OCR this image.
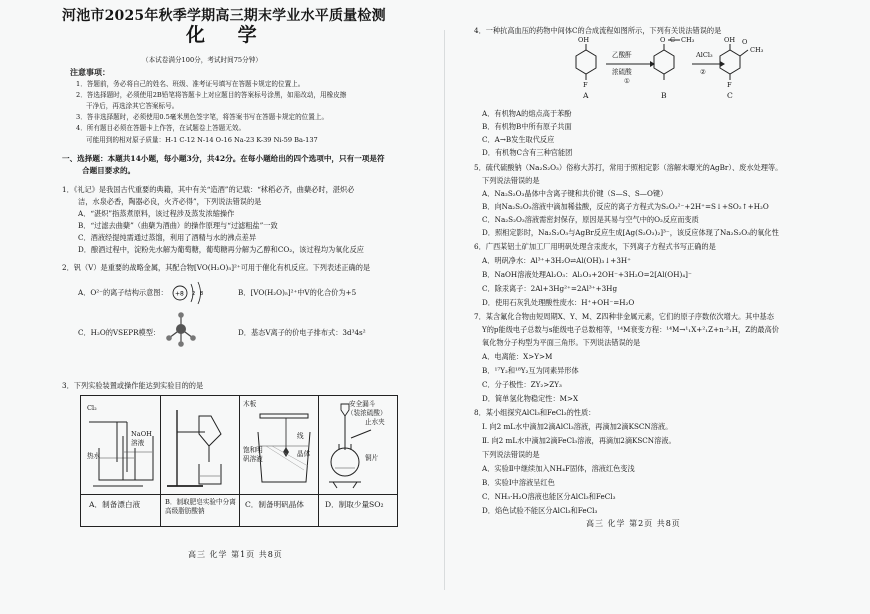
河池市2025年秋季学期高三期末学业水平质量检测
化 学
（本试卷满分100分，考试时间75分钟）
注意事项：
1．答题前，务必将自己的姓名、班级、准考证号填写在答题卡规定的位置上。
2．答选择题时，必须使用2B铅笔将答题卡上对应题目的答案标号涂黑，如需改动，用橡皮擦
干净后，再选涂其它答案标号。
3．答非选择题时，必须使用0.5毫米黑色签字笔，将答案书写在答题卡规定的位置上。
4．所有题目必须在答题卡上作答，在试题卷上答题无效。
可能用到的相对原子质量：H-1 C-12 N-14 O-16 Na-23 K-39 Ni-59 Ba-137
一、选择题：本题共14小题，每小题3分，共42分。在每小题给出的四个选项中，只有一项是符
合题目要求的。
1．《礼记》是我国古代重要的典籍，其中有关“造酒”的记载：“秫稻必齐，曲蘖必时，湛炽必
洁，水泉必香，陶器必良，火齐必得”，下列说法错误的是
A．“湛炽”指蒸煮原料，该过程涉及蒸发浓缩操作
B．“过滤去曲蘖”（曲蘖为酒曲）的操作原理与“过滤粗盐”一致
C．酒液经提纯需通过蒸馏，利用了酒精与水的沸点差异
D．酿酒过程中，淀粉先水解为葡萄糖，葡萄糖再分解为乙醇和CO₂，该过程均为氧化反应
2．钒（V）是重要的战略金属，其配合物[VO(H₂O)₅]²⁺可用于催化有机反应。下列表述正确的是
A．O²⁻的离子结构示意图： +8 2 8	B．[VO(H₂O)₅]²⁺中V的化合价为+5
C．H₂O的VSEPR模型：	D．基态V离子的价电子排布式：3d³4s²
3．下列实验装置或操作能达到实验目的的是
Cl₂
热水
NaOH溶液
木板
饱和明矾溶液
线
晶体
安全漏斗
（装浓硫酸）
止水夹
铜片
A．制备漂白液	B．制取肥皂实验中分离高级脂肪酸钠
C．制备明矾晶体	D．制取少量SO₂
高三 化学 第1页 共8页
4．一种抗高血压的药物中间体C的合成流程如图所示，下列有关说法错误的是
OH
F
O C CH₃	OH O
CH₃
F
乙酸酐
浓硫酸
①
AlCl₃
②
A	B	C
A．有机物A的熔点高于苯酚
B．有机物B中所有原子共面
C．A→B发生取代反应
D．有机物C含有三种官能团
5．硫代硫酸钠（Na₂S₂O₃）俗称大苏打，常用于照相定影（溶解未曝光的AgBr）、废水处理等。
下列说法错误的是
A．Na₂S₂O₃晶体中含离子键和共价键（S—S、S—O键）
B．向Na₂S₂O₃溶液中滴加稀盐酸，反应的离子方程式为S₂O₃²⁻+2H⁺=S↓+SO₂↑+H₂O
C．Na₂S₂O₃溶液需密封保存，原因是其易与空气中的O₂反应而变质
D．照相定影时，Na₂S₂O₃与AgBr反应生成[Ag(S₂O₃)₂]³⁻，该反应体现了Na₂S₂O₃的氧化性
6．广西某铝土矿加工厂用明矾处理含汞废水，下列离子方程式书写正确的是
A．明矾净水：Al³⁺+3H₂O⇌Al(OH)₃↓+3H⁺
B．NaOH溶液处理Al₂O₃：Al₂O₃+2OH⁻+3H₂O=2[Al(OH)₄]⁻
C．除汞离子：2Al+3Hg²⁺=2Al³⁺+3Hg
D．使用石灰乳处理酸性废水：H⁺+OH⁻=H₂O
7．某含氟化合物由短周期X、Y、M、Z四种非金属元素，它们的原子序数依次增大。其中基态
Y的p能级电子总数与s能级电子总数相等，¹⁴M衰变方程：¹⁴M→¹₁X+²₁Z+n·²₁H，Z的最高价
氧化物分子构型为平面三角形。下列说法错误的是
A．电离能：X>Y>M
B．¹⁷Y₂和¹⁸Y₂互为同素异形体
C．分子极性：ZY₂>ZY₃
D．简单氢化物稳定性：M>X
8．某小组探究AlCl₃和FeCl₃的性质：
Ⅰ. 向2 mL水中滴加2滴AlCl₃溶液，再滴加2滴KSCN溶液。
Ⅱ. 向2 mL水中滴加2滴FeCl₃溶液，再滴加2滴KSCN溶液。
下列说法错误的是
A．实验Ⅱ中继续加入NH₄F固体，溶液红色变浅
B．实验Ⅰ中溶液呈红色
C．NH₃·H₂O溶液也能区分AlCl₃和FeCl₃
D．焰色试验不能区分AlCl₃和FeCl₃
高三 化学 第2页 共8页
